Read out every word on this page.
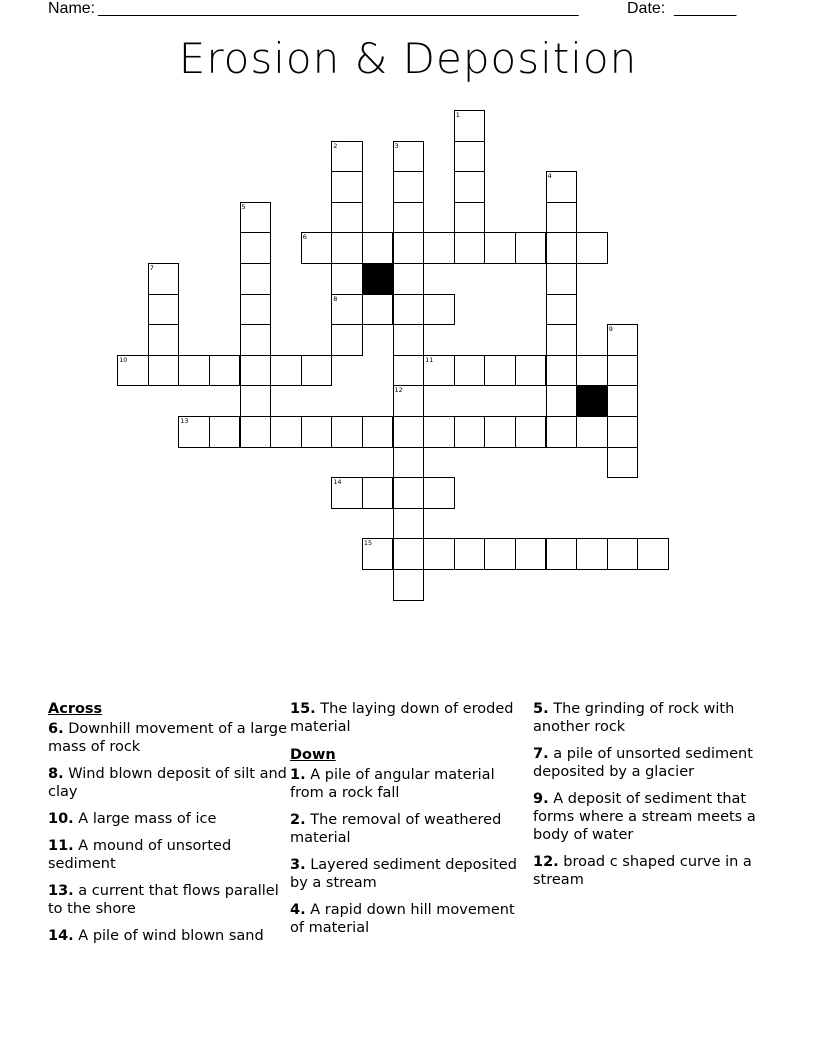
Name: ______________________________________________________	Date: _______
Erosion & Deposition
1
2	3
4
5
6
7
8
9
10	11
12
13
14
15
Across
6. Downhill movement of a large mass of rock
8. Wind blown deposit of silt and clay
10. A large mass of ice
11. A mound of unsorted sediment
13. a current that flows parallel to the shore
14. A pile of wind blown sand
15. The laying down of eroded material
Down
1. A pile of angular material from a rock fall
2. The removal of weathered material
3. Layered sediment deposited by a stream
4. A rapid down hill movement of material
5. The grinding of rock with another rock
7. a pile of unsorted sediment deposited by a glacier
9. A deposit of sediment that forms where a stream meets a body of water
12. broad c shaped curve in a stream
